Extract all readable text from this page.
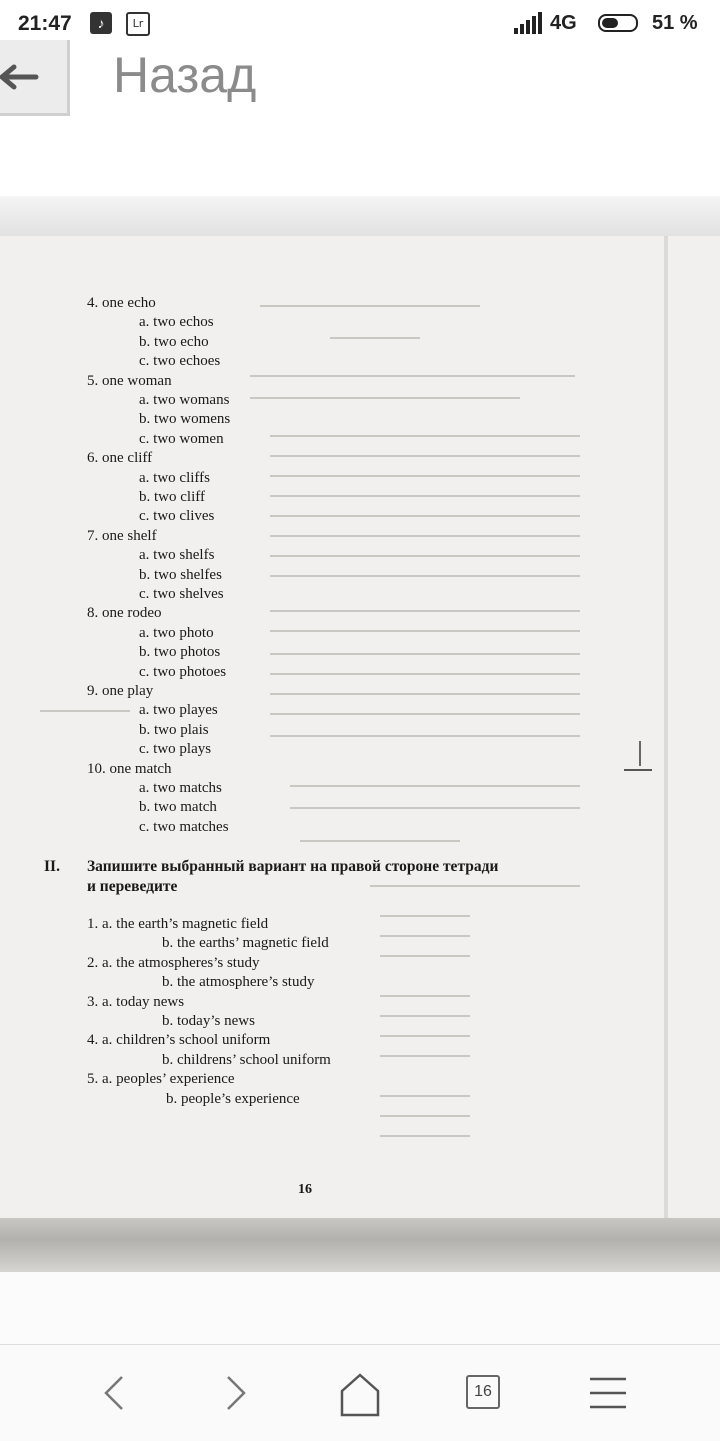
21:47	♪	Lr	4G	51 %
Назад
4. one echo
a. two echos
b. two echo
c. two echoes
5. one woman
a. two womans
b. two womens
c. two women
6. one cliff
a. two cliffs
b. two cliff
c. two clives
7. one shelf
a. two shelfs
b. two shelfes
c. two shelves
8. one rodeo
a. two photo
b. two photos
c. two photoes
9. one play
a. two playes
b. two plais
c. two plays
10. one match
a. two matchs
b. two match
c. two matches
1. a. the earth’s magnetic field
b. the earths’ magnetic field
2. a. the atmospheres’s study
b. the atmosphere’s study
3. a. today news
b. today’s news
4. a. children’s school uniform
b. childrens’ school uniform
5. a. peoples’ experience
b. people’s experience
II. Запишите выбранный вариант на правой стороне тетради
и переведите
16
16
